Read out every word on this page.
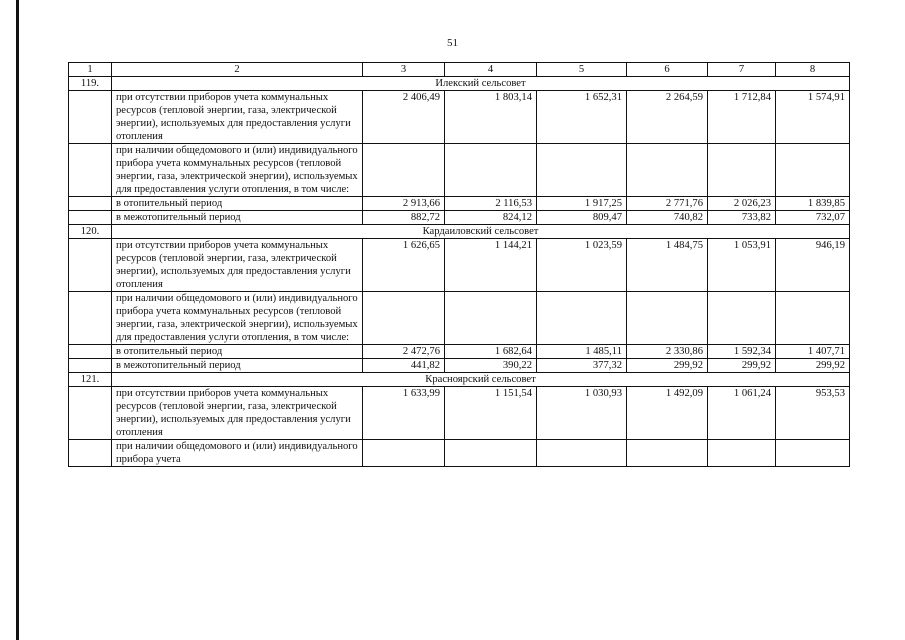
51
1	2	3	4	5	6	7	8
119.	Илекский сельсовет						
	при отсутствии приборов учета коммунальных ресурсов (тепловой энергии, газа, электрической энергии), используемых для предоставления услуги отопления	2 406,49	1 803,14	1 652,31	2 264,59	1 712,84	1 574,91
	при наличии общедомового и (или) индивидуального прибора учета коммунальных ресурсов (тепловой энергии, газа, электрической энергии), используемых для предоставления услуги отопления, в том числе:						
	в отопительный период	2 913,66	2 116,53	1 917,25	2 771,76	2 026,23	1 839,85
	в межотопительный период	882,72	824,12	809,47	740,82	733,82	732,07
120.	Кардаиловский сельсовет						
	при отсутствии приборов учета коммунальных ресурсов (тепловой энергии, газа, электрической энергии), используемых для предоставления услуги отопления	1 626,65	1 144,21	1 023,59	1 484,75	1 053,91	946,19
	при наличии общедомового и (или) индивидуального прибора учета коммунальных ресурсов (тепловой энергии, газа, электрической энергии), используемых для предоставления услуги отопления, в том числе:						
	в отопительный период	2 472,76	1 682,64	1 485,11	2 330,86	1 592,34	1 407,71
	в межотопительный период	441,82	390,22	377,32	299,92	299,92	299,92
121.	Красноярский сельсовет						
	при отсутствии приборов учета коммунальных ресурсов (тепловой энергии, газа, электрической энергии), используемых для предоставления услуги отопления	1 633,99	1 151,54	1 030,93	1 492,09	1 061,24	953,53
	при наличии общедомового и (или) индивидуального прибора учета						
